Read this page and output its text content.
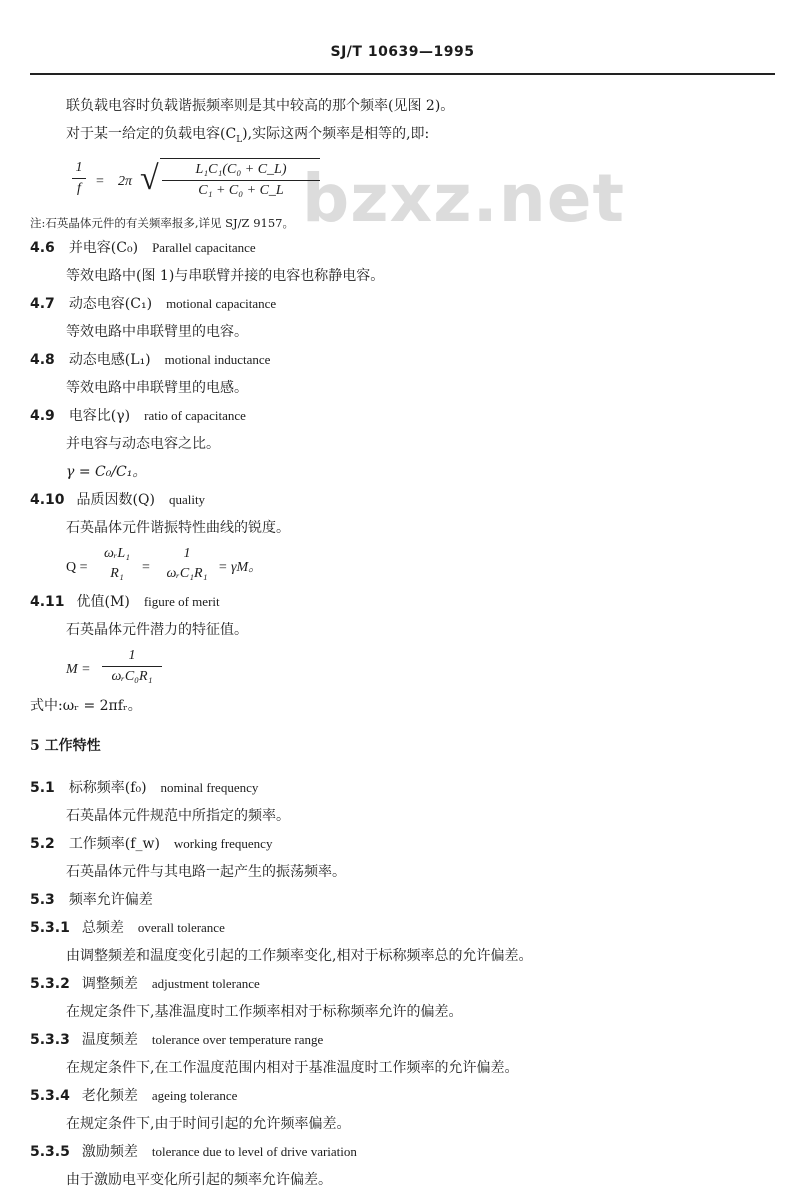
SJ/T 10639—1995
bzxz.net
联负载电容时负载谐振频率则是其中较高的那个频率(见图 2)。
对于某一给定的负载电容$(C_L)$,实际这两个频率是相等的,即:
$\frac{1}{f} = 2\pi$ √ $\frac{\text{L₁C₁(C₀ + C\_L)}}{\text{C₁ + C₀ + C\_L}}$
注:石英晶体元件的有关频率报多,详见 SJ/Z 9157。
4.6 并电容(C₀) Parallel capacitance
等效电路中(图 1)与串联臂并接的电容也称静电容。
4.7 动态电容(C₁) motional capacitance
等效电路中串联臂里的电容。
4.8 动态电感(L₁) motional inductance
等效电路中串联臂里的电感。
4.9 电容比(γ) ratio of capacitance
并电容与动态电容之比。
γ = C₀/C₁。
4.10 品质因数(Q) quality
石英晶体元件谐振特性曲线的锐度。
Q =
ωᵣL₁
R₁	=
1
ωᵣC₁R₁ = γM。
4.11 优值(M) figure of merit
石英晶体元件潜力的特征值。
M =
1
ωᵣC₀R₁
式中:ωᵣ = 2πfᵣ。
5 工作特性
5.1 标称频率(f₀) nominal frequency
石英晶体元件规范中所指定的频率。
5.2 工作频率(f_w) working frequency
石英晶体元件与其电路一起产生的振荡频率。
5.3 频率允许偏差
5.3.1 总频差 overall tolerance
由调整频差和温度变化引起的工作频率变化,相对于标称频率总的允许偏差。
5.3.2 调整频差 adjustment tolerance
在规定条件下,基准温度时工作频率相对于标称频率允许的偏差。
5.3.3 温度频差 tolerance over temperature range
在规定条件下,在工作温度范围内相对于基准温度时工作频率的允许偏差。
5.3.4 老化频差 ageing tolerance
在规定条件下,由于时间引起的允许频率偏差。
5.3.5 激励频差 tolerance due to level of drive variation
由于激励电平变化所引起的频率允许偏差。
